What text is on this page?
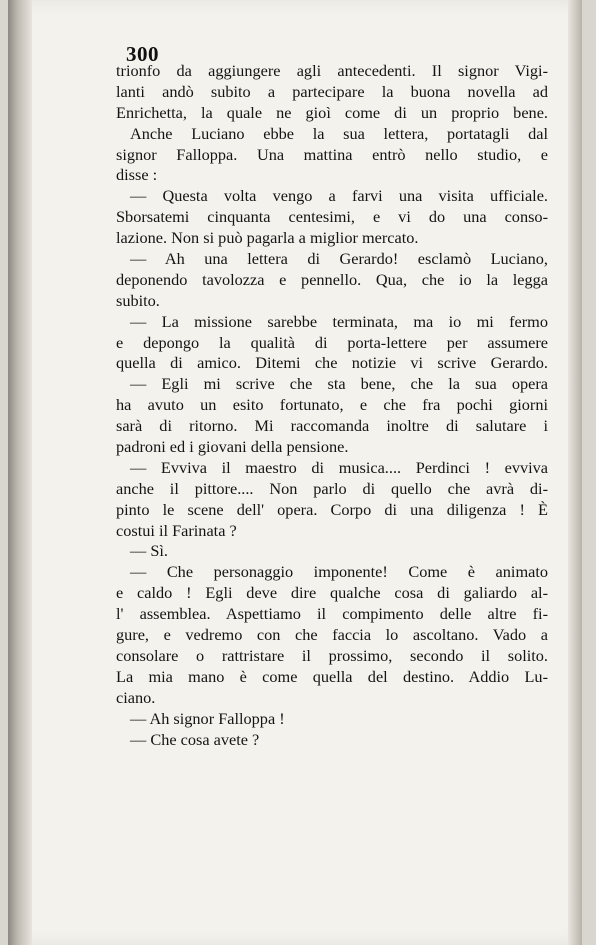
300
trionfo da aggiungere agli antecedenti. Il signor Vigi-
lanti andò subito a partecipare la buona novella ad
Enrichetta, la quale ne gioì come di un proprio bene.
Anche Luciano ebbe la sua lettera, portatagli dal
signor Falloppa. Una mattina entrò nello studio, e
disse :
— Questa volta vengo a farvi una visita ufficiale.
Sborsatemi cinquanta centesimi, e vi do una conso-
lazione. Non si può pagarla a miglior mercato.
— Ah una lettera di Gerardo! esclamò Luciano,
deponendo tavolozza e pennello. Qua, che io la legga
subito.
— La missione sarebbe terminata, ma io mi fermo
e depongo la qualità di porta-lettere per assumere
quella di amico. Ditemi che notizie vi scrive Gerardo.
— Egli mi scrive che sta bene, che la sua opera
ha avuto un esito fortunato, e che fra pochi giorni
sarà di ritorno. Mi raccomanda inoltre di salutare i
padroni ed i giovani della pensione.
— Evviva il maestro di musica.... Perdinci ! evviva
anche il pittore.... Non parlo di quello che avrà di-
pinto le scene dell' opera. Corpo di una diligenza ! È
costui il Farinata ?
— Sì.
— Che personaggio imponente! Come è animato
e caldo ! Egli deve dire qualche cosa di galiardo al-
l' assemblea. Aspettiamo il compimento delle altre fi-
gure, e vedremo con che faccia lo ascoltano. Vado a
consolare o rattristare il prossimo, secondo il solito.
La mia mano è come quella del destino. Addio Lu-
ciano.
— Ah signor Falloppa !
— Che cosa avete ?
